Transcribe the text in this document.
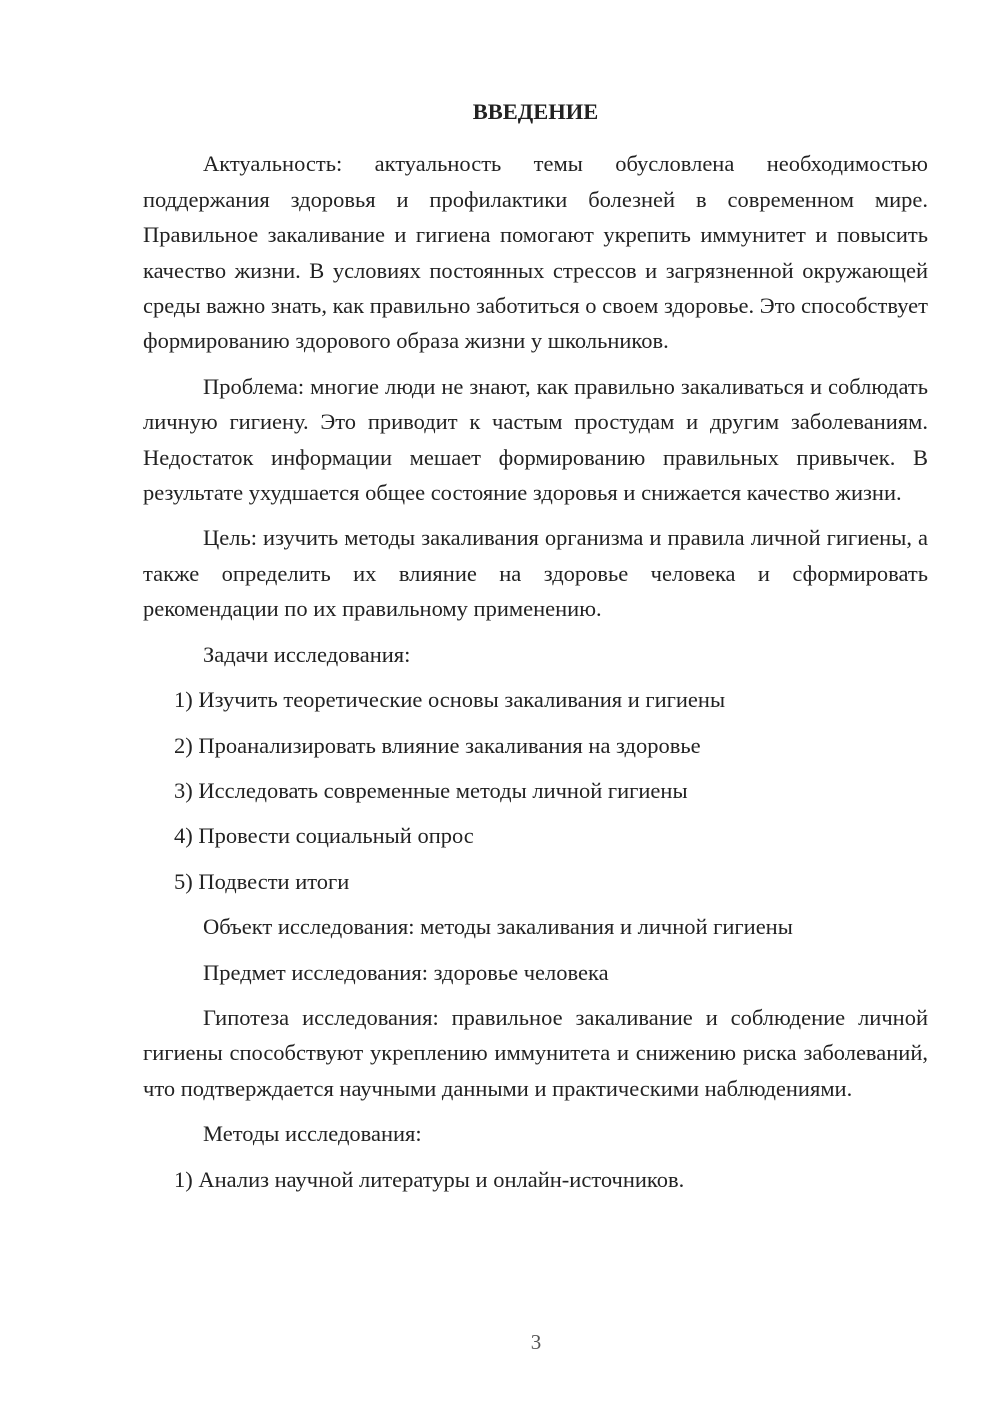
ВВЕДЕНИЕ
Актуальность: актуальность темы обусловлена необходимостью поддержания здоровья и профилактики болезней в современном мире. Правильное закаливание и гигиена помогают укрепить иммунитет и повысить качество жизни. В условиях постоянных стрессов и загрязненной окружающей среды важно знать, как правильно заботиться о своем здоровье. Это способствует формированию здорового образа жизни у школьников.
Проблема: многие люди не знают, как правильно закаливаться и соблюдать личную гигиену. Это приводит к частым простудам и другим заболеваниям. Недостаток информации мешает формированию правильных привычек. В результате ухудшается общее состояние здоровья и снижается качество жизни.
Цель: изучить методы закаливания организма и правила личной гигиены, а также определить их влияние на здоровье человека и сформировать рекомендации по их правильному применению.
Задачи исследования:
1) Изучить теоретические основы закаливания и гигиены
2) Проанализировать влияние закаливания на здоровье
3) Исследовать современные методы личной гигиены
4) Провести социальный опрос
5) Подвести итоги
Объект исследования: методы закаливания и личной гигиены
Предмет исследования: здоровье человека
Гипотеза исследования: правильное закаливание и соблюдение личной гигиены способствуют укреплению иммунитета и снижению риска заболеваний, что подтверждается научными данными и практическими наблюдениями.
Методы исследования:
1) Анализ научной литературы и онлайн-источников.
3
